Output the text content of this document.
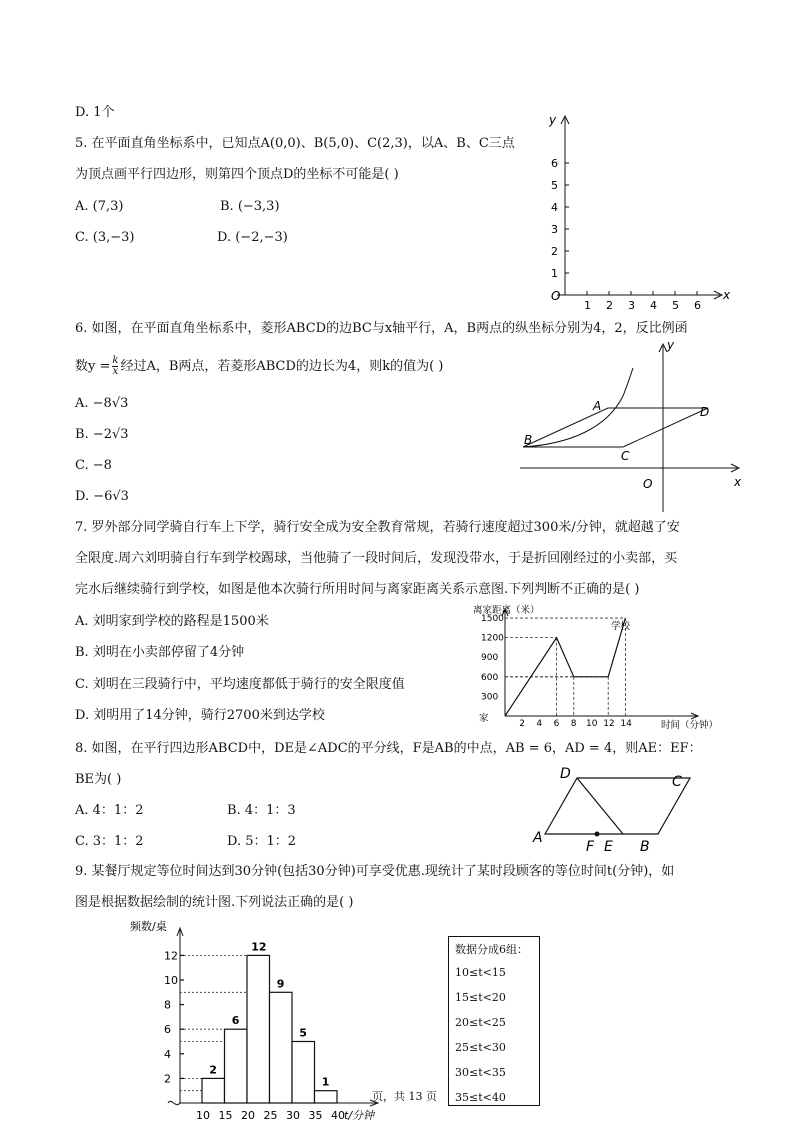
D. 1个
5. 在平面直角坐标系中，已知点A(0,0)、B(5,0)、C(2,3)，以A、B、C三点
为顶点画平行四边形，则第四个顶点D的坐标不可能是( )
A. (7,3)	B. (−3,3)
C. (3,−3)	D. (−2,−3)
y
x
O
1 2 3 4 5 6
1
2
3
4
5
6
6. 如图，在平面直角坐标系中，菱形ABCD的边BC与x轴平行，A，B两点的纵坐标分别为4，2，反比例函
数$y = \frac{k}{x}$ 经过A，B两点，若菱形ABCD的边长为4，则k的值为( )
A. −8√3
B. −2√3
C. −8
D. −6√3
A	D
B
C
O	x
y
7. 罗外部分同学骑自行车上下学，骑行安全成为安全教育常规，若骑行速度超过300米/分钟，就超越了安
全限度.周六刘明骑自行车到学校踢球，当他骑了一段时间后，发现没带水，于是折回刚经过的小卖部，买
完水后继续骑行到学校，如图是他本次骑行所用时间与离家距离关系示意图.下列判断不正确的是( )
A. 刘明家到学校的路程是1500米
B. 刘明在小卖部停留了4分钟
C. 刘明在三段骑行中，平均速度都低于骑行的安全限度值
D. 刘明用了14分钟，骑行2700米到达学校
300
600
900
1200
1500
2 4 6 8 10 12 14
离家距离（米）
学校
家
时间（分钟）
8. 如图，在平行四边形ABCD中，DE是∠ADC的平分线，F是AB的中点，AB = 6，AD = 4，则AE：EF：
BE为( )
A. 4：1：2	B. 4：1：3
C. 3：1：2	D. 5：1：2
D	C
A
F E B
9. 某餐厅规定等位时间达到30分钟(包括30分钟)可享受优惠.现统计了某时段顾客的等位时间t(分钟)，如
图是根据数据绘制的统计图.下列说法正确的是( )
2
4
6
8
10
12
2
6
12
9
5
1
10 15 20 25 30 35 40
频数/桌
t/分钟
页，共 13 页
数据分成6组：
10≤t<15
15≤t<20
20≤t<25
25≤t<30
30≤t<35
35≤t<40
